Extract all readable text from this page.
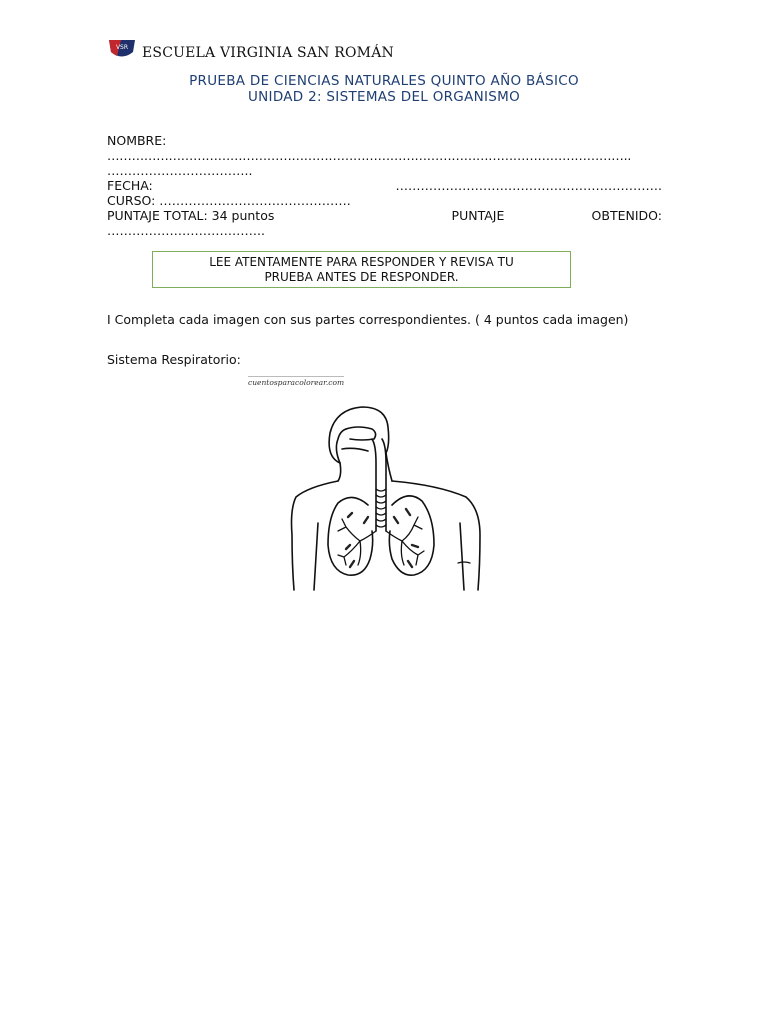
VSR ESCUELA VIRGINIA SAN ROMÁN
PRUEBA DE CIENCIAS NATURALES QUINTO AÑO BÁSICO
UNIDAD 2: SISTEMAS DEL ORGANISMO
NOMBRE:
………………………………………………………………………………………………………………..
……………………………..
FECHA:	……………………………………………………….
CURSO: ……………………………………….
PUNTAJE TOTAL: 34 puntos	PUNTAJE	OBTENIDO:
………………………………..
LEE ATENTAMENTE PARA RESPONDER Y REVISA TU
PRUEBA ANTES DE RESPONDER.
I Completa cada imagen con sus partes correspondientes. ( 4 puntos cada imagen)
Sistema Respiratorio:
cuentosparacolorear.com
